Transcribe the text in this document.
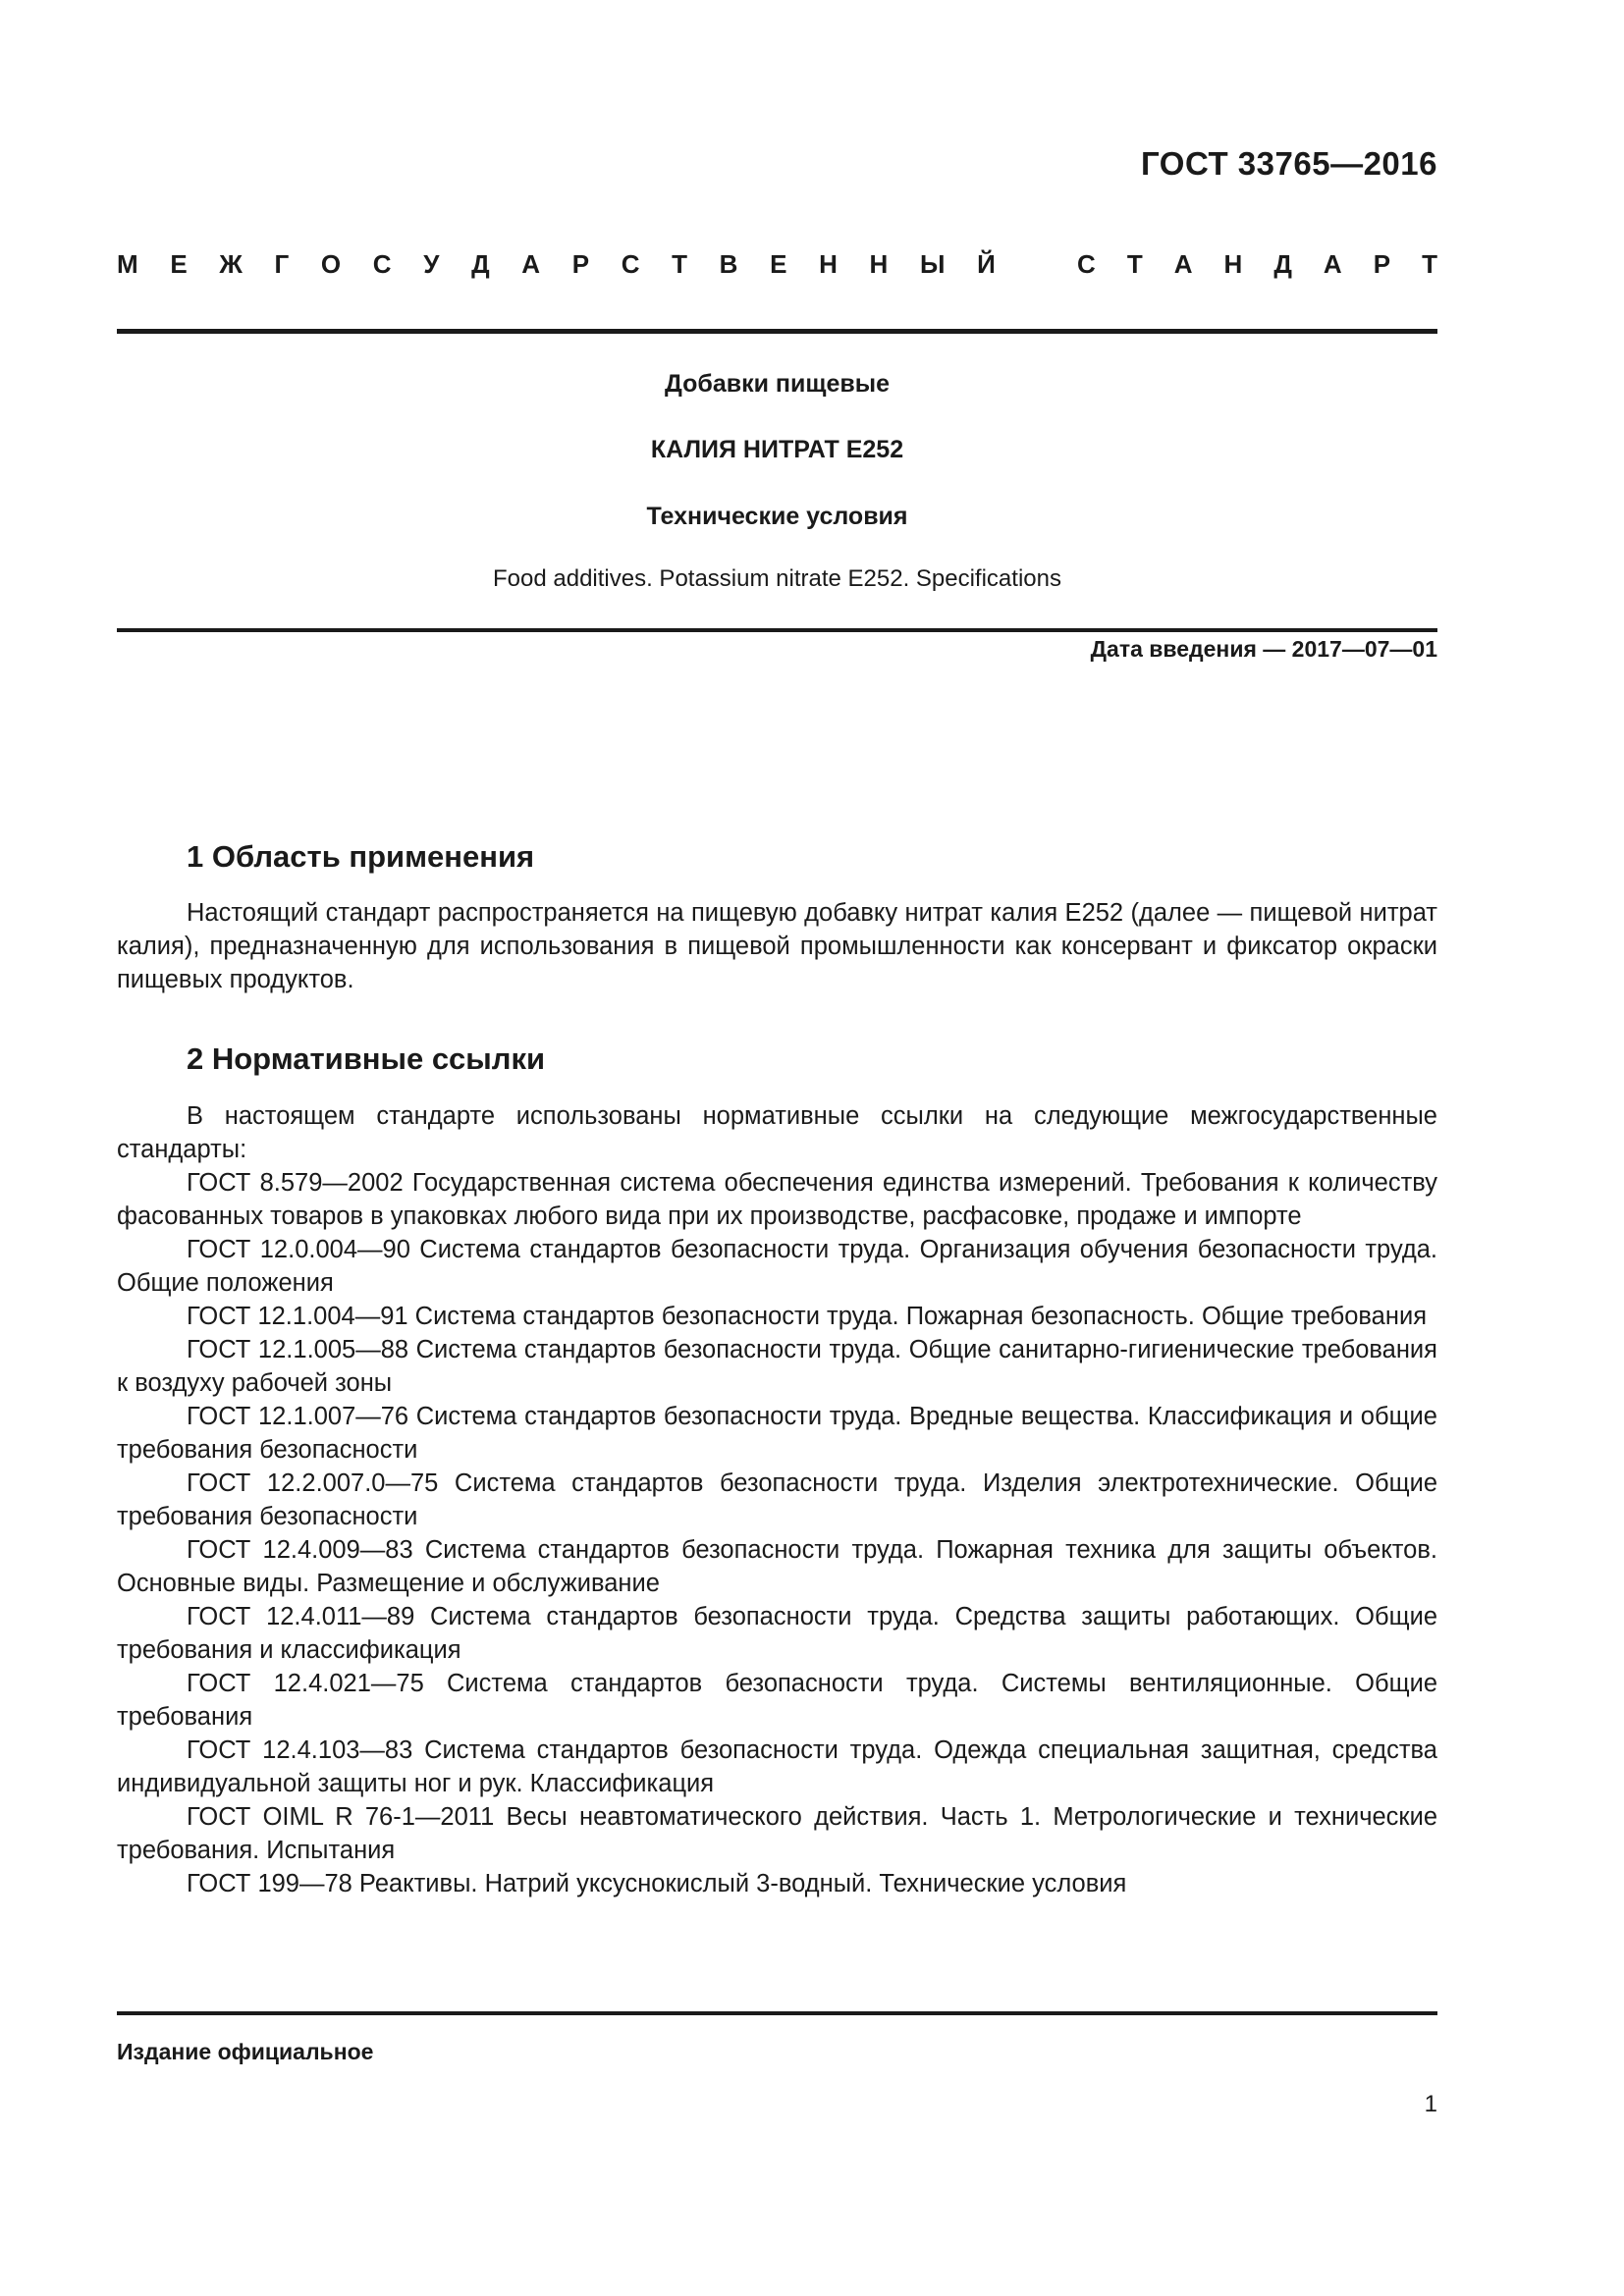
ГОСТ 33765—2016

М Е Ж Г О С У Д А Р С Т В Е Н Н Ы Й	С Т А Н Д А Р Т

Добавки пищевые

КАЛИЯ НИТРАТ E252

Технические условия

Food additives. Potassium nitrate E252. Specifications

Дата введения — 2017—07—01

1 Область применения

Настоящий стандарт распространяется на пищевую добавку нитрат калия E252 (далее — пищевой нитрат калия), предназначенную для использования в пищевой промышленности как консервант и фиксатор окраски пищевых продуктов.

2 Нормативные ссылки
В настоящем стандарте использованы нормативные ссылки на следующие межгосударственные стандарты:
ГОСТ 8.579—2002 Государственная система обеспечения единства измерений. Требования к количеству фасованных товаров в упаковках любого вида при их производстве, расфасовке, продаже и импорте
ГОСТ 12.0.004—90 Система стандартов безопасности труда. Организация обучения безопасности труда. Общие положения
ГОСТ 12.1.004—91 Система стандартов безопасности труда. Пожарная безопасность. Общие требования
ГОСТ 12.1.005—88 Система стандартов безопасности труда. Общие санитарно-гигиенические требования к воздуху рабочей зоны
ГОСТ 12.1.007—76 Система стандартов безопасности труда. Вредные вещества. Классификация и общие требования безопасности
ГОСТ 12.2.007.0—75 Система стандартов безопасности труда. Изделия электротехнические. Общие требования безопасности
ГОСТ 12.4.009—83 Система стандартов безопасности труда. Пожарная техника для защиты объектов. Основные виды. Размещение и обслуживание
ГОСТ 12.4.011—89 Система стандартов безопасности труда. Средства защиты работающих. Общие требования и классификация
ГОСТ 12.4.021—75 Система стандартов безопасности труда. Системы вентиляционные. Общие требования
ГОСТ 12.4.103—83 Система стандартов безопасности труда. Одежда специальная защитная, средства индивидуальной защиты ног и рук. Классификация
ГОСТ OIML R 76-1—2011 Весы неавтоматического действия. Часть 1. Метрологические и технические требования. Испытания
ГОСТ 199—78 Реактивы. Натрий уксуснокислый 3-водный. Технические условия

Издание официальное

1
